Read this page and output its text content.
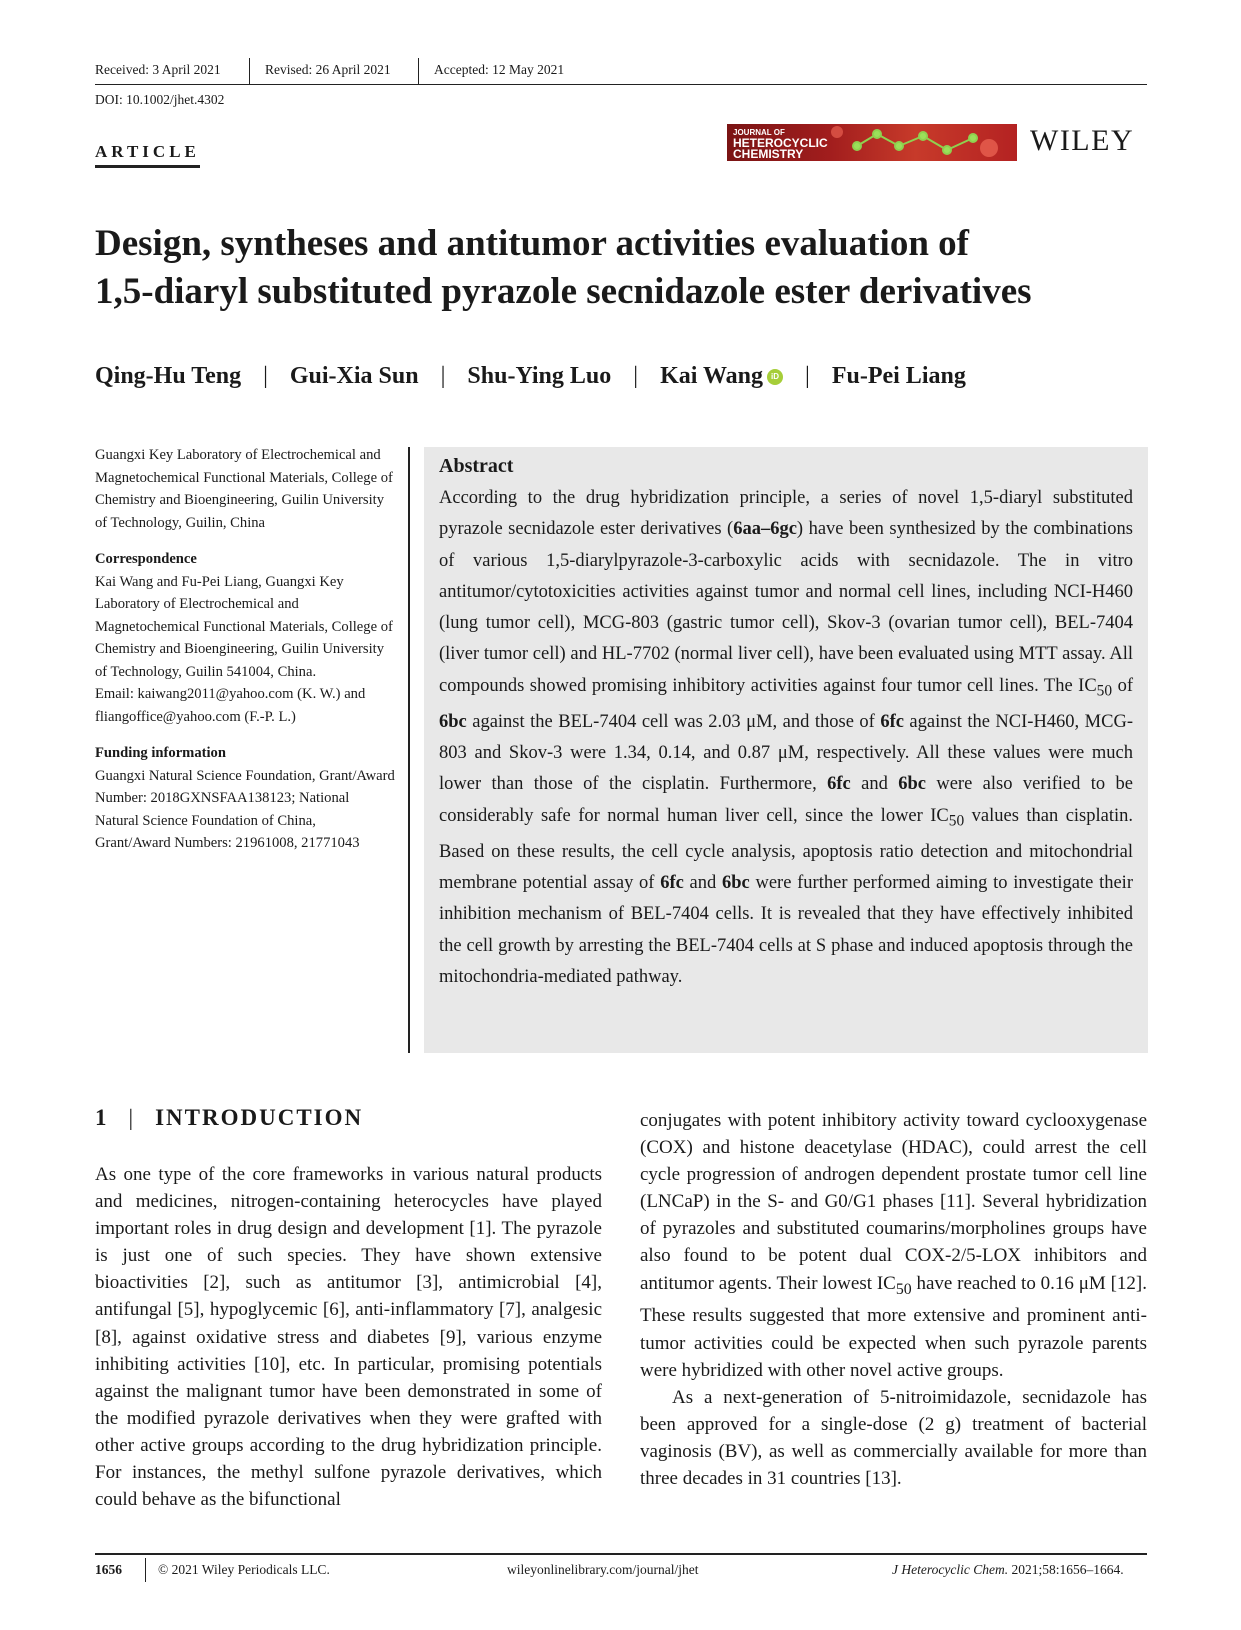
Received: 3 April 2021	Revised: 26 April 2021	Accepted: 12 May 2021
DOI: 10.1002/jhet.4302
ARTICLE
JOURNAL OF
HETEROCYCLIC
CHEMISTRY	WILEY
Design, syntheses and antitumor activities evaluation of
1,5-diaryl substituted pyrazole secnidazole ester derivatives
Qing-Hu Teng | Gui-Xia Sun | Shu-Ying Luo | Kai Wang iD | Fu-Pei Liang
Guangxi Key Laboratory of Electrochemical and Magnetochemical Functional Materials, College of Chemistry and Bioengineering, Guilin University of Technology, Guilin, China
Correspondence
Kai Wang and Fu-Pei Liang, Guangxi Key Laboratory of Electrochemical and Magnetochemical Functional Materials, College of Chemistry and Bioengineering, Guilin University of Technology, Guilin 541004, China.
Email: kaiwang2011@yahoo.com (K. W.) and fliangoffice@yahoo.com (F.-P. L.)
Funding information
Guangxi Natural Science Foundation, Grant/Award Number: 2018GXNSFAA138123; National Natural Science Foundation of China, Grant/Award Numbers: 21961008, 21771043
Abstract
According to the drug hybridization principle, a series of novel 1,5-diaryl substituted pyrazole secnidazole ester derivatives (6aa–6gc) have been synthesized by the combinations of various 1,5-diarylpyrazole-3-carboxylic acids with secnidazole. The in vitro antitumor/cytotoxicities activities against tumor and normal cell lines, including NCI-H460 (lung tumor cell), MCG-803 (gastric tumor cell), Skov-3 (ovarian tumor cell), BEL-7404 (liver tumor cell) and HL-7702 (normal liver cell), have been evaluated using MTT assay. All compounds showed promising inhibitory activities against four tumor cell lines. The $IC_{50}$ of 6bc against the BEL-7404 cell was 2.03 μM, and those of 6fc against the NCI-H460, MCG-803 and Skov-3 were 1.34, 0.14, and 0.87 μM, respectively. All these values were much lower than those of the cisplatin. Furthermore, 6fc and 6bc were also verified to be considerably safe for normal human liver cell, since the lower $IC_{50}$ values than cisplatin. Based on these results, the cell cycle analysis, apoptosis ratio detection and mitochondrial membrane potential assay of 6fc and 6bc were further performed aiming to investigate their inhibition mechanism of BEL-7404 cells. It is revealed that they have effectively inhibited the cell growth by arresting the BEL-7404 cells at S phase and induced apoptosis through the mitochondria-mediated pathway.
1 | INTRODUCTION
As one type of the core frameworks in various natural products and medicines, nitrogen-containing heterocycles have played important roles in drug design and development [1]. The pyrazole is just one of such species. They have shown extensive bioactivities [2], such as antitumor [3], antimicrobial [4], antifungal [5], hypoglycemic [6], anti-inflammatory [7], analgesic [8], against oxidative stress and diabetes [9], various enzyme inhibiting activities [10], etc. In particular, promising potentials against the malignant tumor have been demonstrated in some of the modified pyrazole derivatives when they were grafted with other active groups according to the drug hybridization principle. For instances, the methyl sulfone pyrazole derivatives, which could behave as the bifunctional
conjugates with potent inhibitory activity toward cyclooxygenase (COX) and histone deacetylase (HDAC), could arrest the cell cycle progression of androgen dependent prostate tumor cell line (LNCaP) in the S- and G0/G1 phases [11]. Several hybridization of pyrazoles and substituted coumarins/morpholines groups have also found to be potent dual COX-2/5-LOX inhibitors and antitumor agents. Their lowest $IC_{50}$ have reached to 0.16 μM [12]. These results suggested that more extensive and prominent anti-tumor activities could be expected when such pyrazole parents were hybridized with other novel active groups.
As a next-generation of 5-nitroimidazole, secnidazole has been approved for a single-dose (2 g) treatment of bacterial vaginosis (BV), as well as commercially available for more than three decades in 31 countries [13].
1656	© 2021 Wiley Periodicals LLC.	wileyonlinelibrary.com/journal/jhet	J Heterocyclic Chem. 2021;58:1656–1664.
